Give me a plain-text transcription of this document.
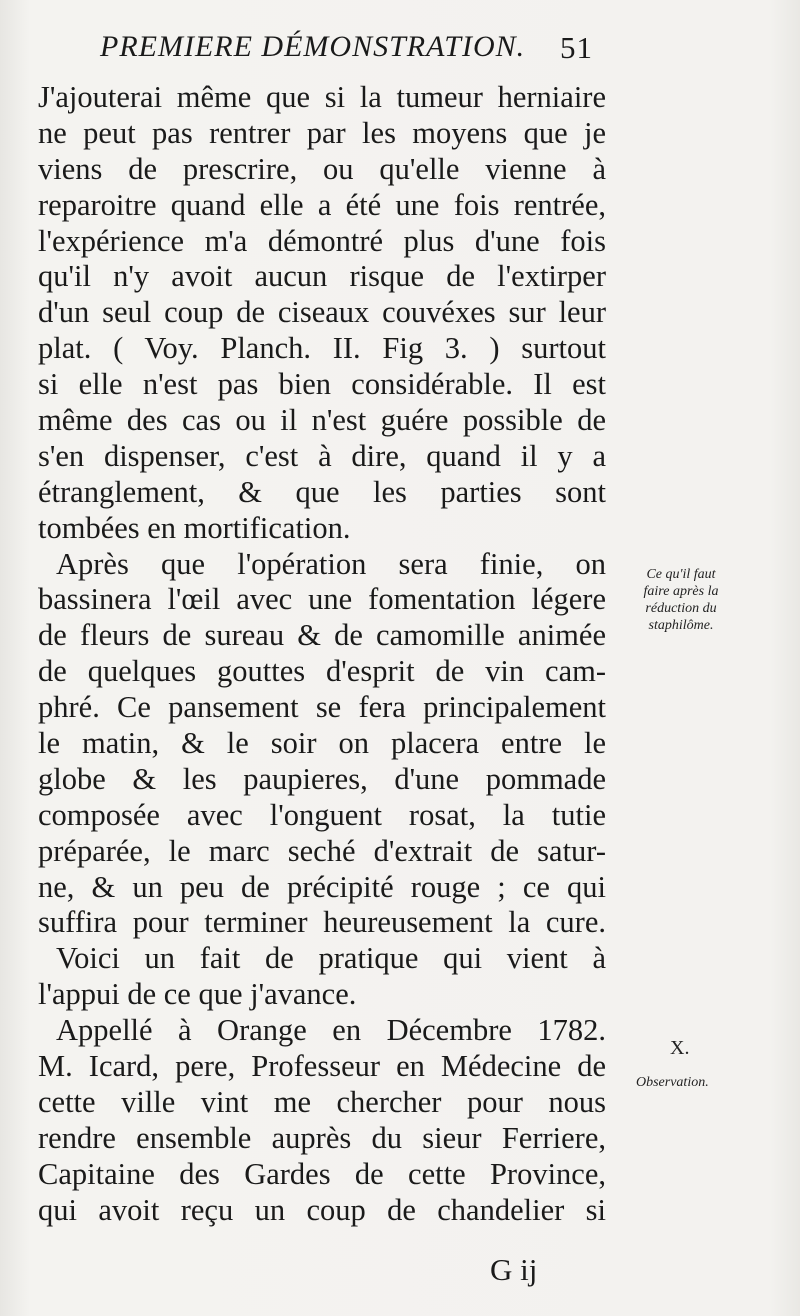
PREMIERE DÉMONSTRATION. 51
J'ajouterai même que si la tumeur herniaire
ne peut pas rentrer par les moyens que je
viens de prescrire, ou qu'elle vienne à
reparoitre quand elle a été une fois rentrée,
l'expérience m'a démontré plus d'une fois
qu'il n'y avoit aucun risque de l'extirper
d'un seul coup de ciseaux couvéxes sur leur
plat. ( Voy. Planch. II. Fig 3. ) surtout
si elle n'est pas bien considérable. Il est
même des cas ou il n'est guére possible de
s'en dispenser, c'est à dire, quand il y a
étranglement, & que les parties sont
tombées en mortification.
Après que l'opération sera finie, on
bassinera l'œil avec une fomentation légere
de fleurs de sureau & de camomille animée
de quelques gouttes d'esprit de vin cam-
phré. Ce pansement se fera principalement
le matin, & le soir on placera entre le
globe & les paupieres, d'une pommade
composée avec l'onguent rosat, la tutie
préparée, le marc seché d'extrait de satur-
ne, & un peu de précipité rouge ; ce qui
suffira pour terminer heureusement la cure.
Voici un fait de pratique qui vient à
l'appui de ce que j'avance.
Appellé à Orange en Décembre 1782.
M. Icard, pere, Professeur en Médecine de
cette ville vint me chercher pour nous
rendre ensemble auprès du sieur Ferriere,
Capitaine des Gardes de cette Province,
qui avoit reçu un coup de chandelier si
Ce qu'il faut
faire après la
réduction du
staphilôme.
X.
Observation.
G ij
